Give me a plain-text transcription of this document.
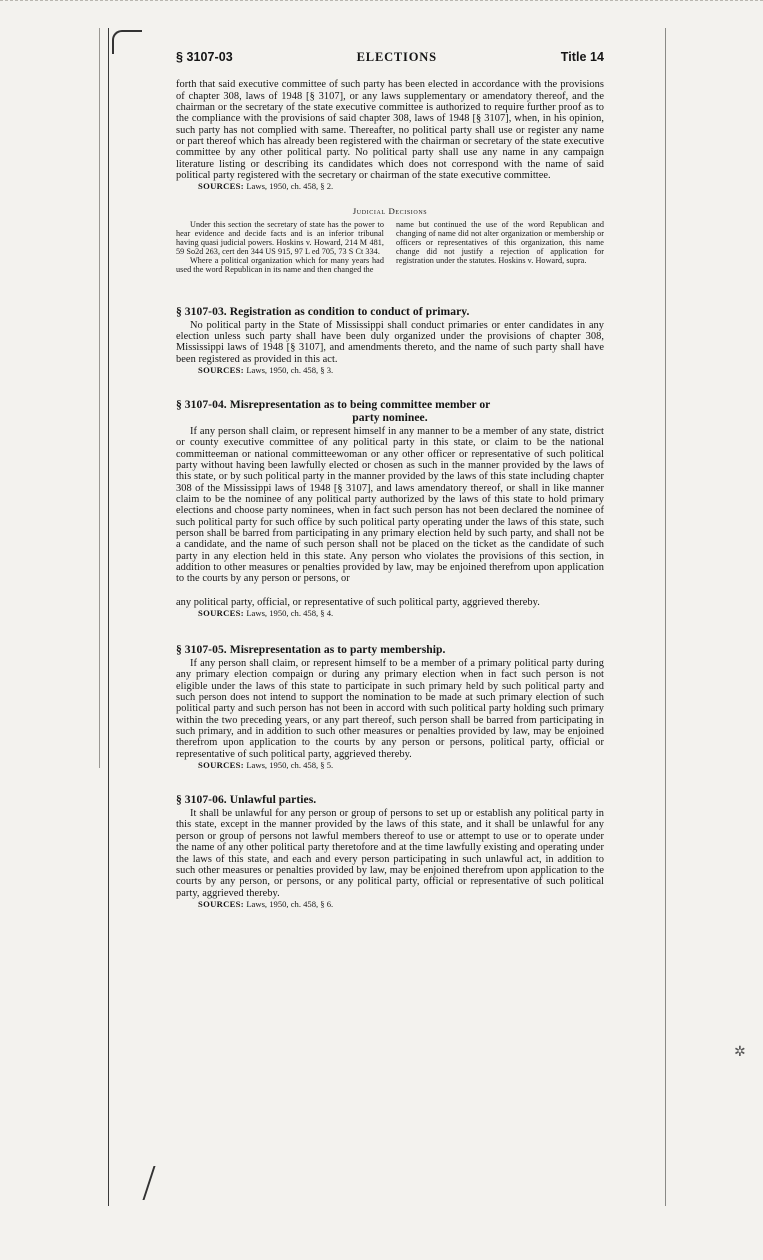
✲
§ 3107-03	ELECTIONS	Title 14

forth that said executive committee of such party has been elected in accordance with the provisions of chapter 308, laws of 1948 [§ 3107], or any laws supplementary or amendatory thereof, and the chairman or the secretary of the state executive committee is authorized to require further proof as to the compliance with the provisions of said chapter 308, laws of 1948 [§ 3107], when, in his opinion, such party has not complied with same. Thereafter, no political party shall use or register any name or part thereof which has already been registered with the chairman or secretary of the state executive committee by any other political party. No political party shall use any name in any campaign literature listing or describing its candidates which does not correspond with the name of said political party registered with the secretary or chairman of the state executive committee.

SOURCES: Laws, 1950, ch. 458, § 2.
Judicial Decisions

Under this section the secretary of state has the power to hear evidence and decide facts and is an inferior tribunal having quasi judicial powers. Hoskins v. Howard, 214 M 481, 59 So2d 263, cert den 344 US 915, 97 L ed 705, 73 S Ct 334.

Where a political organization which for many years had used the word Republican in its name and then changed the

name but continued the use of the word Republican and changing of name did not alter organization or membership or officers or representatives of this organization, this name change did not justify a rejection of application for registration under the statutes. Hoskins v. Howard, supra.

§ 3107-03. Registration as condition to conduct of primary.

No political party in the State of Mississippi shall conduct primaries or enter candidates in any election unless such party shall have been duly organized under the provisions of chapter 308, Mississippi laws of 1948 [§ 3107], and amendments thereto, and the name of such party shall have been registered as provided in this act.

SOURCES: Laws, 1950, ch. 458, § 3.
§ 3107-04. Misrepresentation as to being committee member or
party nominee.

If any person shall claim, or represent himself in any manner to be a member of any state, district or county executive committee of any political party in this state, or claim to be the national committeeman or national committeewoman or any other officer or representative of such political party without having been lawfully elected or chosen as such in the manner provided by the laws of this state, or by such political party in the manner provided by the laws of this state including chapter 308 of the Mississippi laws of 1948 [§ 3107], and laws amendatory thereof, or shall in like manner claim to be the nominee of any political party authorized by the laws of this state to hold primary elections and choose party nominees, when in fact such person has not been declared the nominee of such political party for such office by such political party operating under the laws of this state, such person shall be barred from participating in any primary election held by such party, and shall not be a candidate, and the name of such person shall not be placed on the ticket as the candidate of such party in any election held in this state. Any person who violates the provisions of this section, in addition to other measures or penalties provided by law, may be enjoined therefrom upon application to the courts by any person or persons, or

any political party, official, or representative of such political party, aggrieved thereby.

SOURCES: Laws, 1950, ch. 458, § 4.
§ 3107-05. Misrepresentation as to party membership.

If any person shall claim, or represent himself to be a member of a primary political party during any primary election compaign or during any primary election when in fact such person is not eligible under the laws of this state to participate in such primary held by such political party and such person does not intend to support the nomination to be made at such primary election of such political party and such person has not been in accord with such political party holding such primary within the two preceding years, or any part thereof, such person shall be barred from participating in such primary, and in addition to such other measures or penalties provided by law, may be enjoined therefrom upon application to the courts by any person or persons, political party, official or representative of such political party, aggrieved thereby.

SOURCES: Laws, 1950, ch. 458, § 5.
§ 3107-06. Unlawful parties.

It shall be unlawful for any person or group of persons to set up or establish any political party in this state, except in the manner provided by the laws of this state, and it shall be unlawful for any person or group of persons not lawful members thereof to use or attempt to use or to operate under the name of any other political party theretofore and at the time lawfully existing and operating under the laws of this state, and each and every person participating in such unlawful act, in addition to such other measures or penalties provided by law, may be enjoined therefrom upon application to the courts by any person, or persons, or any political party, official or representative of such political party, aggrieved thereby.

SOURCES: Laws, 1950, ch. 458, § 6.
